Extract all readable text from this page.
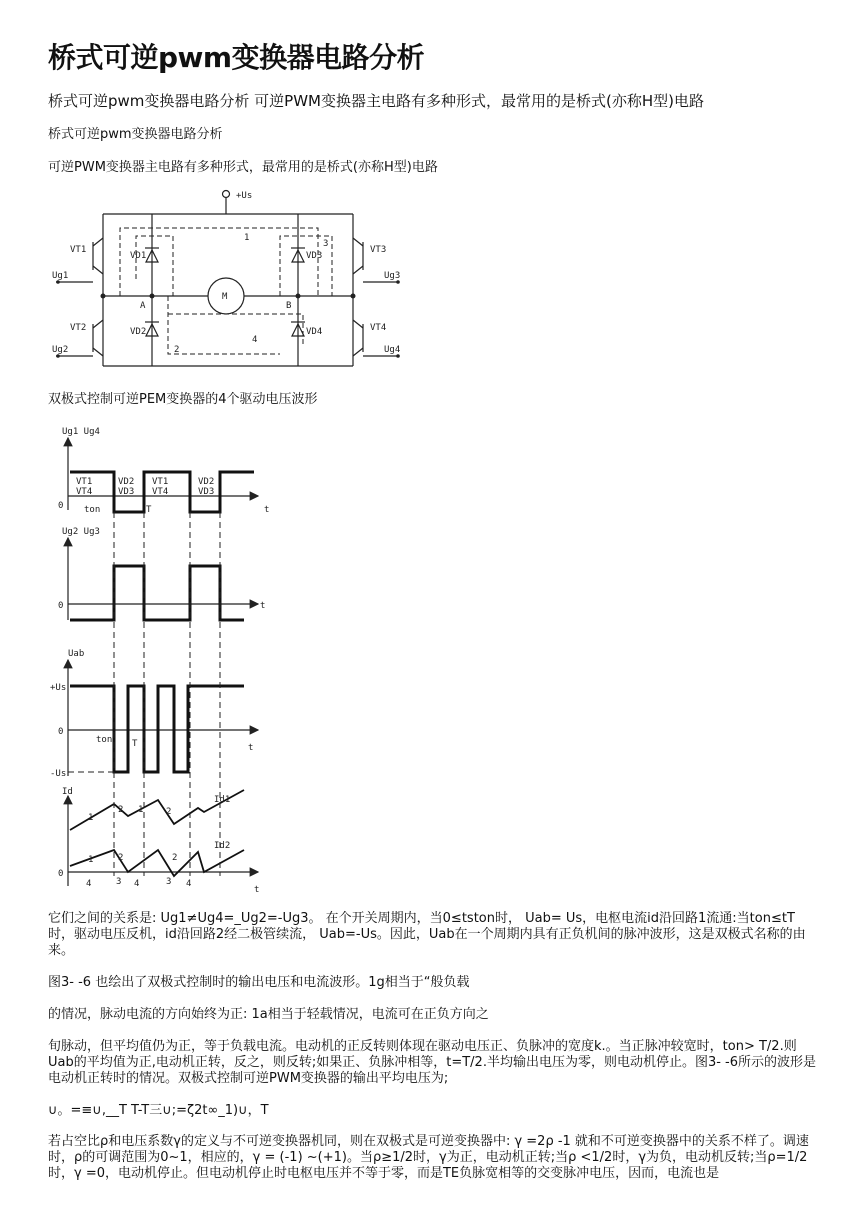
桥式可逆pwm变换器电路分析

桥式可逆pwm变换器电路分析 可逆PWM变换器主电路有多种形式，最常用的是桥式(亦称H型)电路

桥式可逆pwm变换器电路分析

可逆PWM变换器主电路有多种形式，最常用的是桥式(亦称H型)电路

+Us
VT1
VT2
VT3
VT4
VD1
VD2
VD3
VD4
Ug1
Ug2
Ug3
Ug4
A	B
M
1
2
3
4

双极式控制可逆PEM变换器的4个驱动电压波形

Ug1 Ug4
Ug2 Ug3
Uab
Id
VT1
VT4
VD2
VD3
VT1
VT4
VD2
VD3
ton	T
0	t
0	t
+Us
0
-Us
ton T	t
Id1
Id2
0
t
1
2 1	2
1	2	2
4	3 4	3 4

它们之间的关系是: Ug1≠Ug4=_Ug2=-Ug3。 在个开关周期内，当0≤tston时， Uab= Us，电枢电流id沿回路1流通:当ton≤tT时，驱动电压反机，id沿回路2经二极管续流， Uab=-Us。因此，Uab在一个周期内具有正负机间的脉冲波形，这是双极式名称的由来。

图3- -6 也绘出了双极式控制时的输出电压和电流波形。1g相当于“般负载

的情况，脉动电流的方向始终为正: 1a相当于轻载情况，电流可在正负方向之

旬脉动，但平均值仍为正，等于负载电流。电动机的正反转则体现在驱动电压正、负脉冲的宽度k.。当正脉冲较宽时，ton> T/2.则Uab的平均值为正,电动机正转，反之，则反转;如果正、负脉冲相等，t=T/2.半均输出电压为零，则电动机停止。图3- -6所示的波形是电动机正转时的情况。双极式控制可逆PWM变换器的输出平均电压为;

∪。=≡∪,__T T-T三∪;=ζ2t∞_1)∪，T

若占空比ρ和电压系数γ的定义与不可逆变换器机同，则在双极式是可逆变换器中: γ =2ρ -1 就和不可逆变换器中的关系不样了。调速时，ρ的可调范围为0~1，相应的，γ = (-1) ~(+1)。当ρ≥1/2时，γ为正，电动机正转;当ρ <1/2时，γ为负，电动机反转;当ρ=1/2时，γ =0，电动机停止。但电动机停止时电枢电压并不等于零，而是TE负脉宽相等的交变脉冲电压，因而，电流也是
